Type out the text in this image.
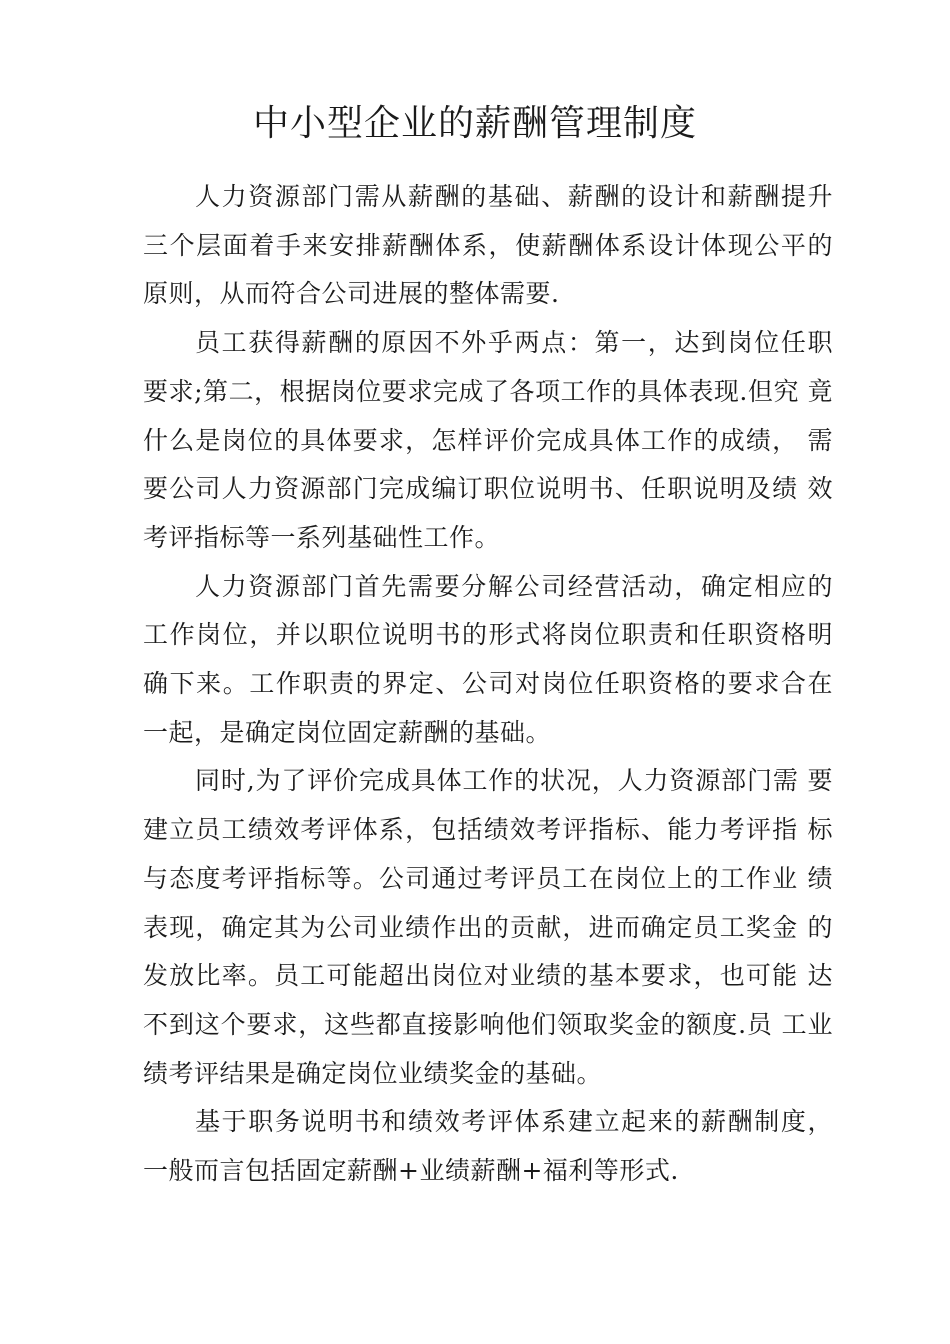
中小型企业的薪酬管理制度

人力资源部门需从薪酬的基础、薪酬的设计和薪酬提升 三个层面着手来安排薪酬体系，使薪酬体系设计体现公平的 原则，从而符合公司进展的整体需要.

员工获得薪酬的原因不外乎两点：第一，达到岗位任职 要求;第二，根据岗位要求完成了各项工作的具体表现.但究 竟什么是岗位的具体要求，怎样评价完成具体工作的成绩， 需要公司人力资源部门完成编订职位说明书、任职说明及绩 效考评指标等一系列基础性工作。

人力资源部门首先需要分解公司经营活动，确定相应的 工作岗位，并以职位说明书的形式将岗位职责和任职资格明 确下来。工作职责的界定、公司对岗位任职资格的要求合在 一起，是确定岗位固定薪酬的基础。

同时,为了评价完成具体工作的状况，人力资源部门需 要建立员工绩效考评体系，包括绩效考评指标、能力考评指 标与态度考评指标等。公司通过考评员工在岗位上的工作业 绩表现，确定其为公司业绩作出的贡献，进而确定员工奖金 的发放比率。员工可能超出岗位对业绩的基本要求，也可能 达不到这个要求，这些都直接影响他们领取奖金的额度.员 工业绩考评结果是确定岗位业绩奖金的基础。

基于职务说明书和绩效考评体系建立起来的薪酬制度， 一般而言包括固定薪酬+业绩薪酬+福利等形式.
